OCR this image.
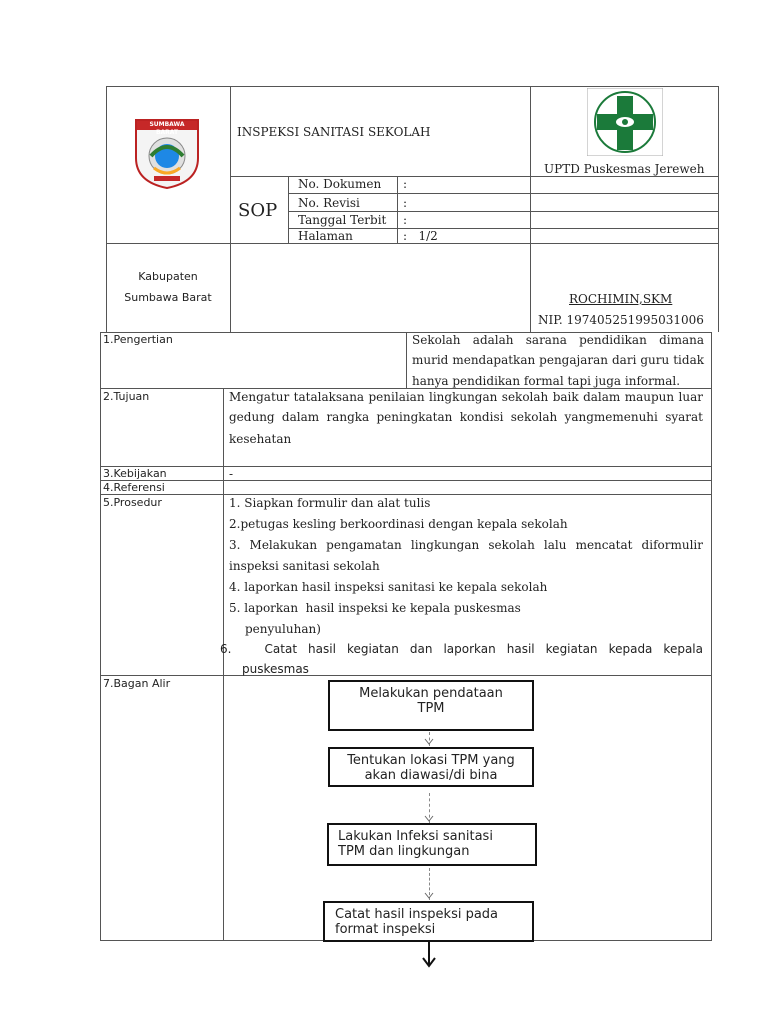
SUMBAWA BARAT	INSPEKSI SANITASI SEKOLAH
UPTD Puskesmas Jereweh
SOP
No. Dokumen :
No. Revisi	:
Tanggal Terbit :
Halaman	:   1/2
Kabupaten
Sumbawa Barat	ROCHIMIN,SKM
NIP. 197405251995031006
1.Pengertian	Sekolah adalah sarana pendidikan dimana
murid mendapatkan pengajaran dari guru tidak
hanya pendidikan formal tapi juga informal.
2.Tujuan	Mengatur tatalaksana penilaian lingkungan sekolah baik dalam maupun luar
gedung dalam rangka peningkatan kondisi sekolah yangmemenuhi syarat
kesehatan
3.Kebijakan	-
4.Referensi
5.Prosedur	1. Siapkan formulir dan alat tulis
2.petugas kesling berkoordinasi dengan kepala sekolah
3. Melakukan pengamatan lingkungan sekolah lalu mencatat diformulir
inspeksi sanitasi sekolah
4. laporkan hasil inspeksi sanitasi ke kepala sekolah
5. laporkan  hasil inspeksi ke kepala puskesmas
penyuluhan)
6.   Catat hasil kegiatan dan laporkan hasil kegiatan kepada kepala
puskesmas
7.Bagan Alir
Melakukan pendataan
TPM
Tentukan lokasi TPM yang
akan diawasi/di bina
Lakukan Infeksi sanitasi
TPM dan lingkungan
Catat hasil inspeksi pada
format inspeksi
